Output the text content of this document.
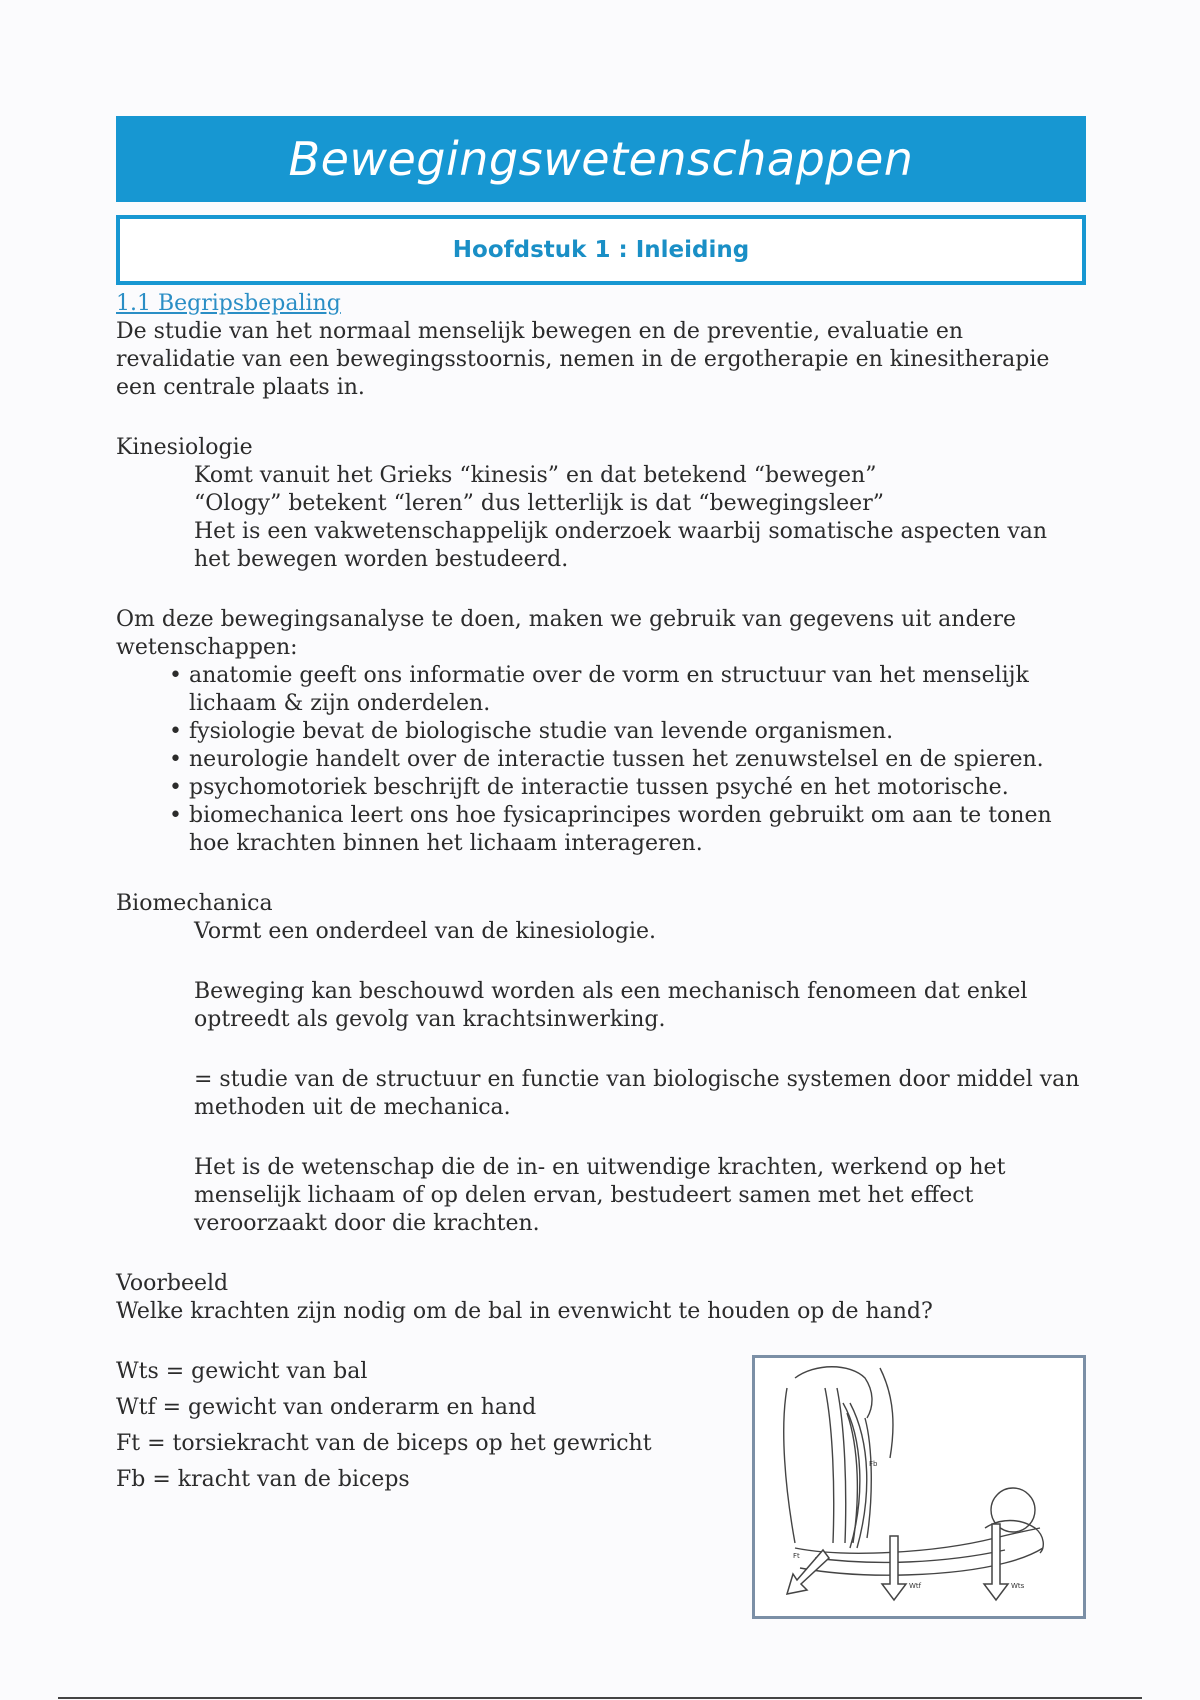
Bewegingswetenschappen
Hoofdstuk 1 : Inleiding

1.1 Begripsbepaling

De studie van het normaal menselijk bewegen en de preventie, evaluatie en revalidatie van een bewegingsstoornis, nemen in de ergotherapie en kinesitherapie een centrale plaats in.

Kinesiologie

Komt vanuit het Grieks “kinesis” en dat betekend “bewegen”

“Ology” betekent “leren” dus letterlijk is dat “bewegingsleer”

Het is een vakwetenschappelijk onderzoek waarbij somatische aspecten van het bewegen worden bestudeerd.

Om deze bewegingsanalyse te doen, maken we gebruik van gegevens uit andere wetenschappen:

• anatomie geeft ons informatie over de vorm en structuur van het menselijk lichaam & zijn onderdelen.
• fysiologie bevat de biologische studie van levende organismen.
• neurologie handelt over de interactie tussen het zenuwstelsel en de spieren.
• psychomotoriek beschrijft de interactie tussen psyché en het motorische.
• biomechanica leert ons hoe fysicaprincipes worden gebruikt om aan te tonen hoe krachten binnen het lichaam interageren.

Biomechanica

Vormt een onderdeel van de kinesiologie.

Beweging kan beschouwd worden als een mechanisch fenomeen dat enkel optreedt als gevolg van krachtsinwerking.

= studie van de structuur en functie van biologische systemen door middel van methoden uit de mechanica.

Het is de wetenschap die de in- en uitwendige krachten, werkend op het menselijk lichaam of op delen ervan, bestudeert samen met het effect veroorzaakt door die krachten.

Voorbeeld

Welke krachten zijn nodig om de bal in evenwicht te houden op de hand?

Wts = gewicht van bal

Wtf = gewicht van onderarm en hand

Ft = torsiekracht van de biceps op het gewricht

Fb = kracht van de biceps

Fb
Ft
Wtf	Wts
